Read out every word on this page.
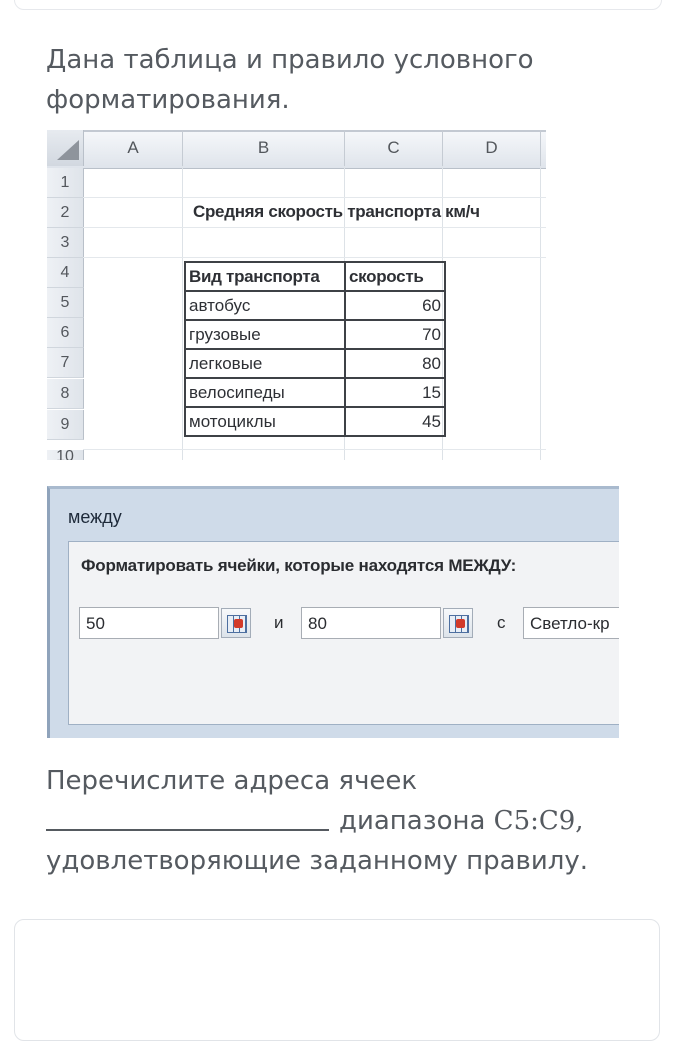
Дана таблица и правило условного форматирования.
A	B	C	D
1
2
3
4
5
6
7
8
9
10
Средняя скорость транспорта км/ч
Вид транспорта	скорость
автобус	60
грузовые	70
легковые	80
велосипеды	15
мотоциклы	45
между
Форматировать ячейки, которые находятся МЕЖДУ:
50	и	80	с	Светло-кр
Перечислите адреса ячеек
диапазона С5:С9,
удовлетворяющие заданному правилу.
